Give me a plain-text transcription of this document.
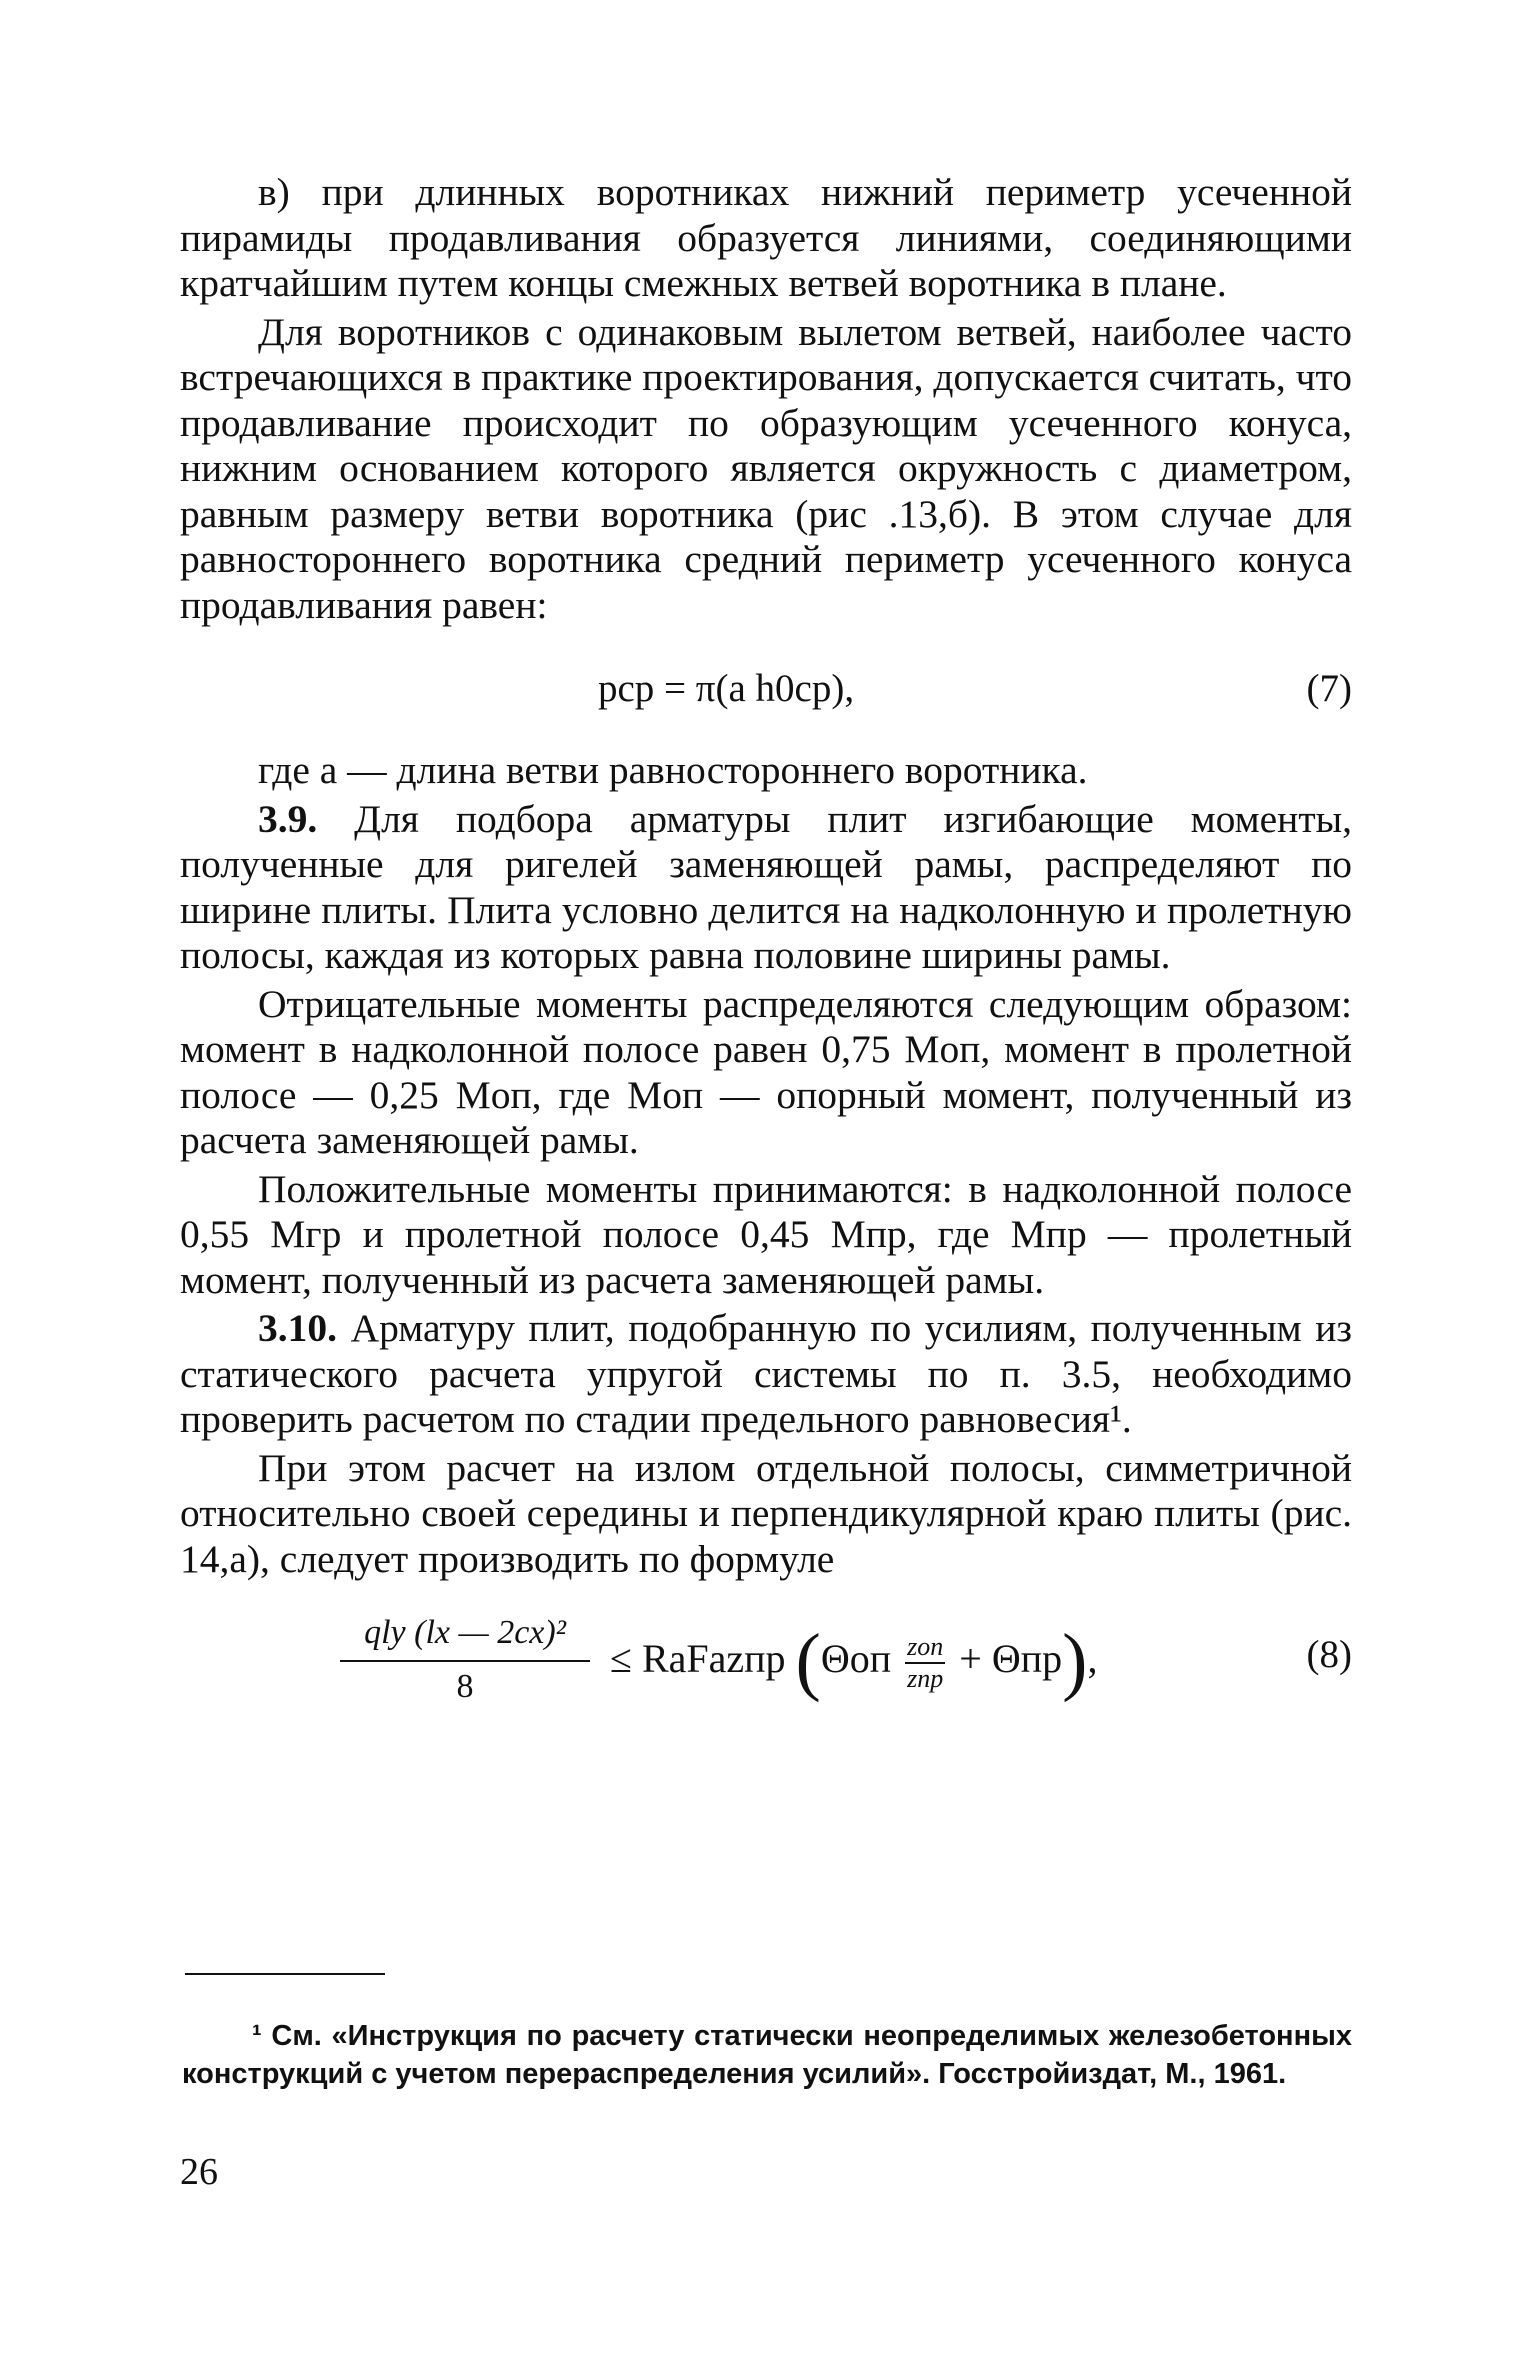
в) при длинных воротниках нижний периметр усеченной пирамиды продавливания образуется линиями, соединяющими кратчайшим путем концы смежных ветвей воротника в плане.

Для воротников с одинаковым вылетом ветвей, наиболее часто встречающихся в практике проектирования, допускается считать, что продавливание происходит по образующим усеченного конуса, нижним основанием которого является окружность с диаметром, равным размеру ветви воротника (рис .13,б). В этом случае для равностороннего воротника средний периметр усеченного конуса продавливания равен:

pср = π(a h0ср),	(7)

где a — длина ветви равностороннего воротника.

3.9. Для подбора арматуры плит изгибающие моменты, полученные для ригелей заменяющей рамы, распределяют по ширине плиты. Плита условно делится на надколонную и пролетную полосы, каждая из которых равна половине ширины рамы.

Отрицательные моменты распределяются следующим образом: момент в надколонной полосе равен 0,75 Mоп, момент в пролетной полосе — 0,25 Mоп, где Mоп — опорный момент, полученный из расчета заменяющей рамы.

Положительные моменты принимаются: в надколонной полосе 0,55 Mгр и пролетной полосе 0,45 Mпр, где Mпр — пролетный момент, полученный из расчета заменяющей рамы.

3.10. Арматуру плит, подобранную по усилиям, полученным из статического расчета упругой системы по п. 3.5, необходимо проверить расчетом по стадии предельного равновесия¹.

При этом расчет на излом отдельной полосы, симметричной относительно своей середины и перпендикулярной краю плиты (рис. 14,а), следует производить по формуле

qly (lx — 2cx)²
8
≤ RaFazпр (Θоп zоп
zпр + Θпр),	(8)

¹ См. «Инструкция по расчету статически неопределимых железобетонных конструкций с учетом перераспределения усилий». Госстройиздат, М., 1961.

26
